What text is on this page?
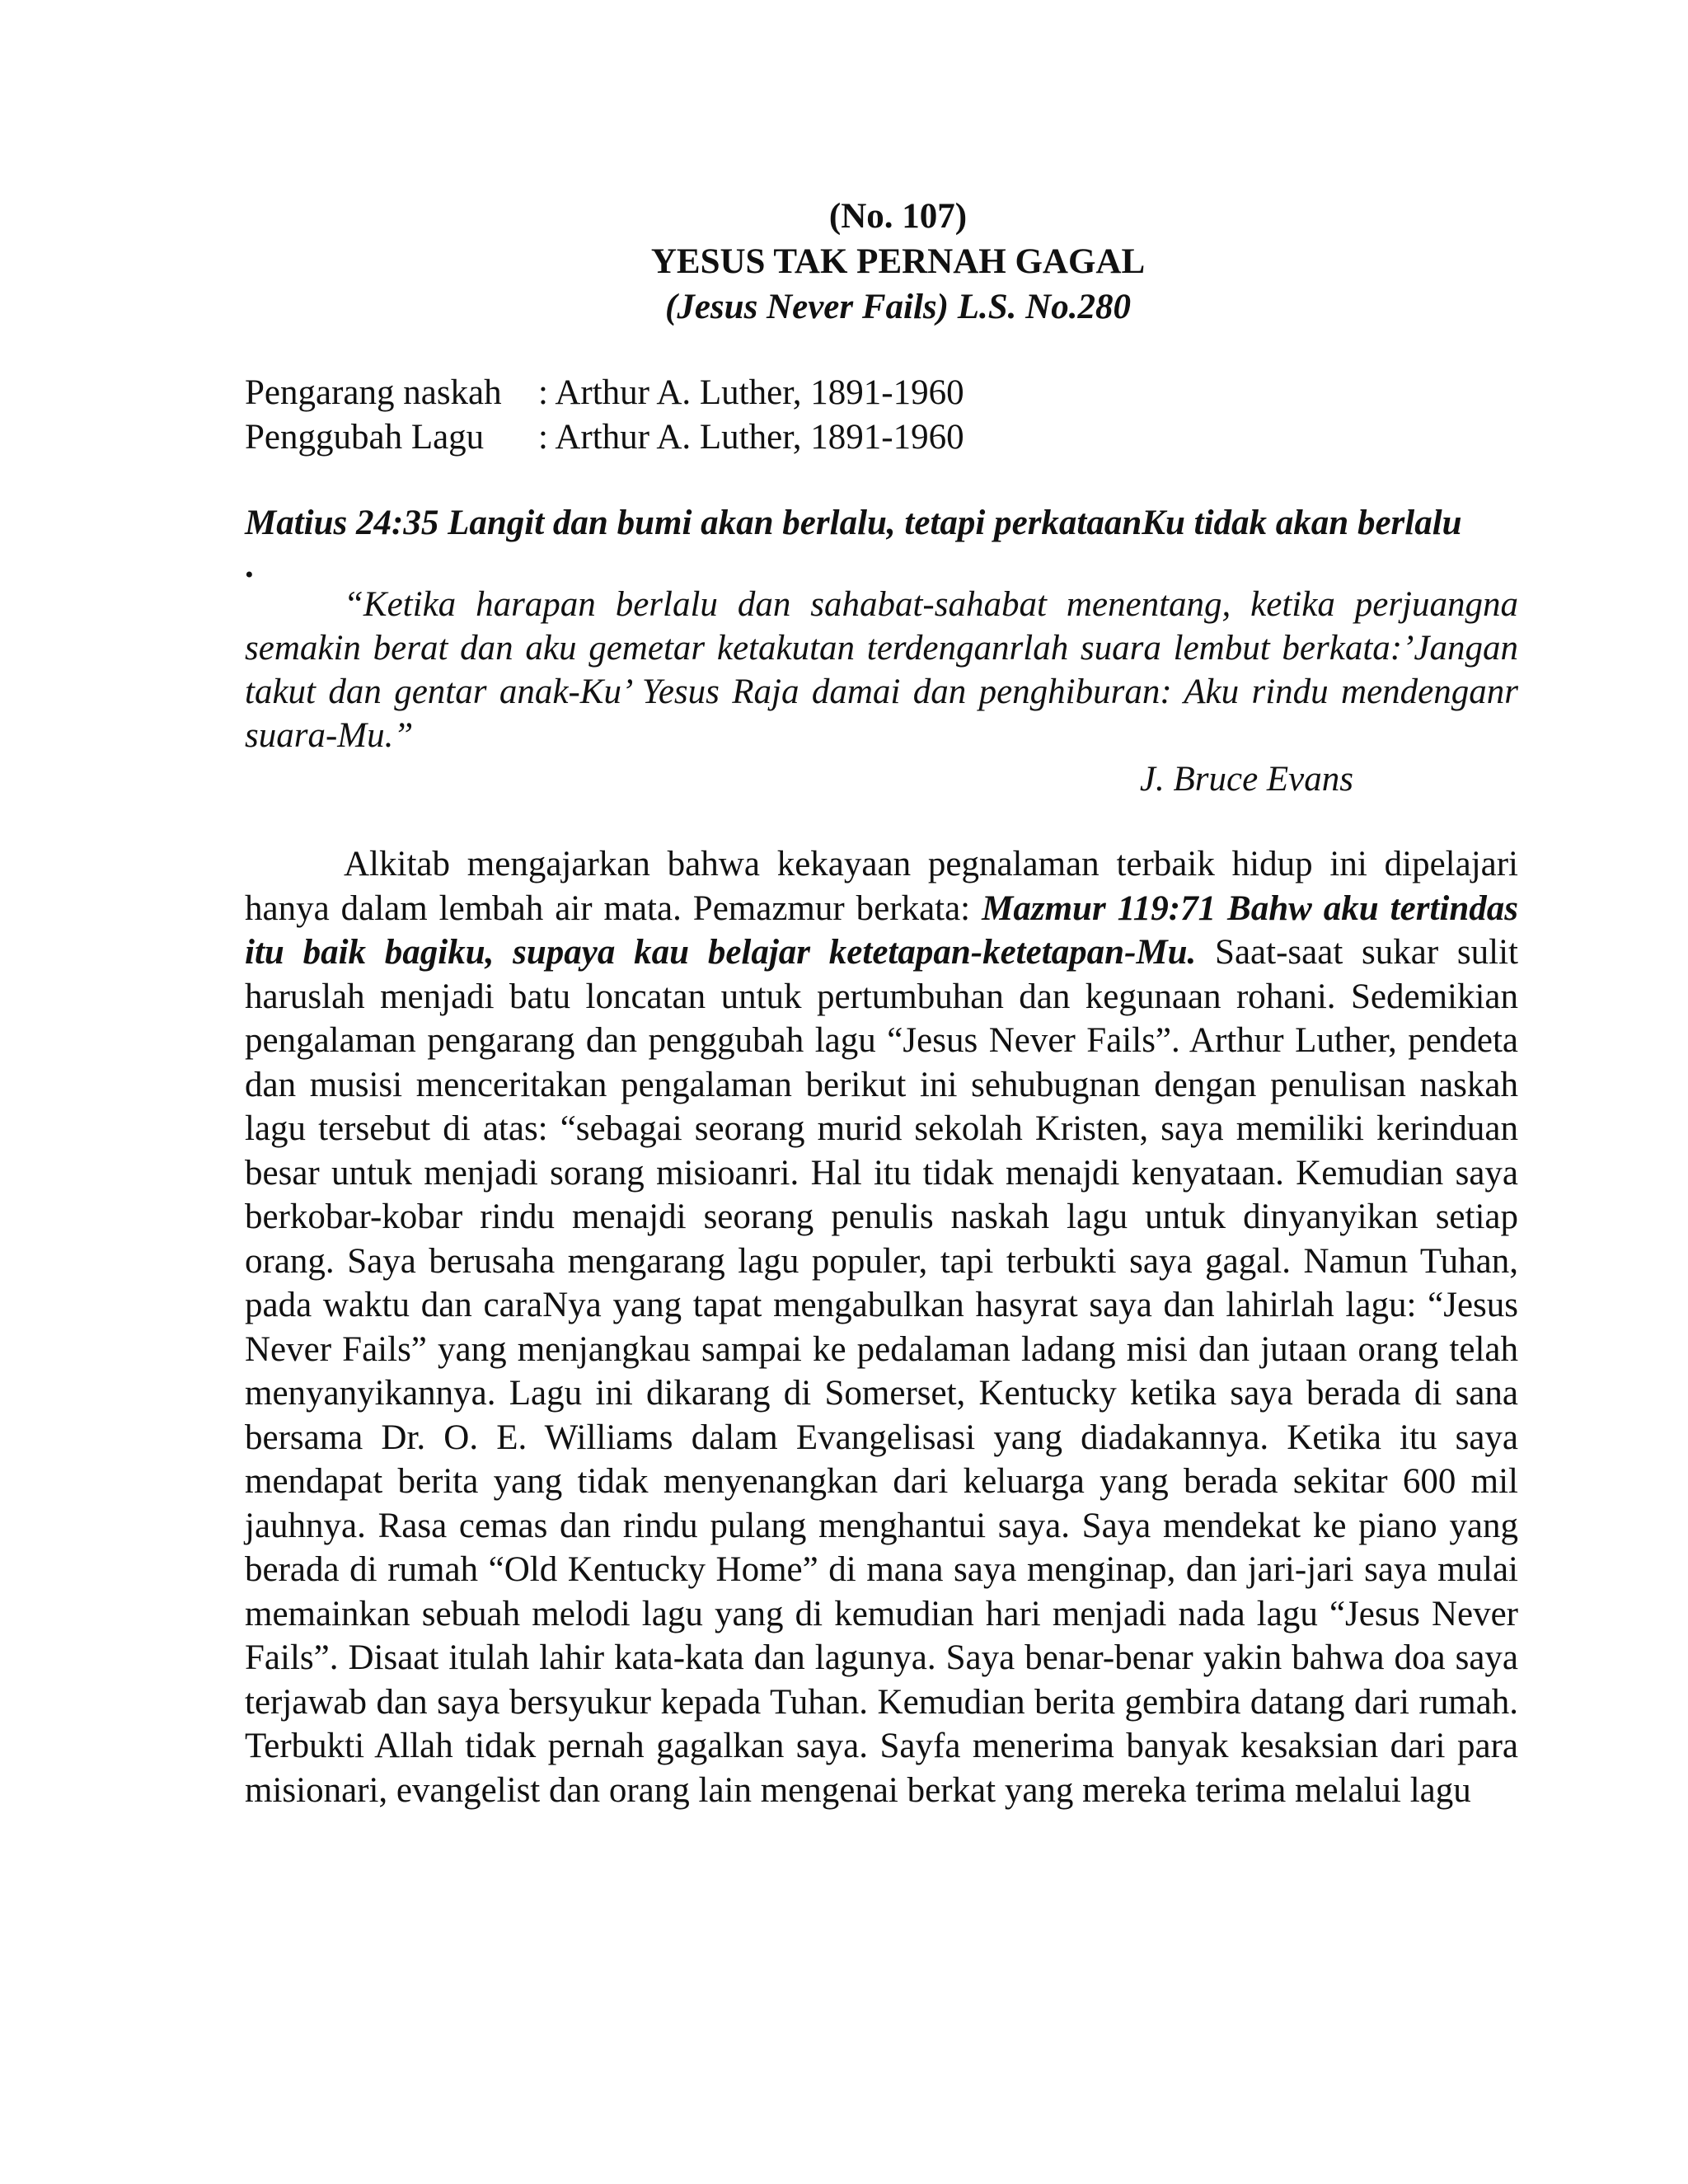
(No. 107)
YESUS TAK PERNAH GAGAL
(Jesus Never Fails) L.S. No.280
Pengarang naskah	: Arthur A. Luther, 1891-1960
Penggubah Lagu	: Arthur A. Luther, 1891-1960
Matius 24:35 Langit dan bumi akan berlalu, tetapi perkataanKu tidak akan berlalu
.
“Ketika harapan berlalu dan sahabat-sahabat menentang, ketika perjuangna semakin berat dan aku gemetar ketakutan terdenganrlah suara lembut berkata:’Jangan takut dan gentar anak-Ku’ Yesus Raja damai dan penghiburan: Aku rindu mendenganr suara-Mu.”
J. Bruce Evans
Alkitab mengajarkan bahwa kekayaan pegnalaman terbaik hidup ini dipelajari hanya dalam lembah air mata. Pemazmur berkata: Mazmur 119:71 Bahw aku tertindas itu baik bagiku, supaya kau belajar ketetapan-ketetapan-Mu. Saat-saat sukar sulit haruslah menjadi batu loncatan untuk pertumbuhan dan kegunaan rohani. Sedemikian pengalaman pengarang dan penggubah lagu “Jesus Never Fails”. Arthur Luther, pendeta dan musisi menceritakan pengalaman berikut ini sehubugnan dengan penulisan naskah lagu tersebut di atas: “sebagai seorang murid sekolah Kristen, saya memiliki kerinduan besar untuk menjadi sorang misioanri. Hal itu tidak menajdi kenyataan. Kemudian saya berkobar-kobar rindu menajdi seorang penulis naskah lagu untuk dinyanyikan setiap orang. Saya berusaha mengarang lagu populer, tapi terbukti saya gagal. Namun Tuhan, pada waktu dan caraNya yang tapat mengabulkan hasyrat saya dan lahirlah lagu: “Jesus Never Fails” yang menjangkau sampai ke pedalaman ladang misi dan jutaan orang telah menyanyikannya. Lagu ini dikarang di Somerset, Kentucky ketika saya berada di sana bersama Dr. O. E. Williams dalam Evangelisasi yang diadakannya. Ketika itu saya mendapat berita yang tidak menyenangkan dari keluarga yang berada sekitar 600 mil jauhnya. Rasa cemas dan rindu pulang menghantui saya. Saya mendekat ke piano yang berada di rumah “Old Kentucky Home” di mana saya menginap, dan jari-jari saya mulai memainkan sebuah melodi lagu yang di kemudian hari menjadi nada lagu “Jesus Never Fails”. Disaat itulah lahir kata-kata dan lagunya. Saya benar-benar yakin bahwa doa saya terjawab dan saya bersyukur kepada Tuhan. Kemudian berita gembira datang dari rumah. Terbukti Allah tidak pernah gagalkan saya. Sayfa menerima banyak kesaksian dari para misionari, evangelist dan orang lain mengenai berkat yang mereka terima melalui lagu
